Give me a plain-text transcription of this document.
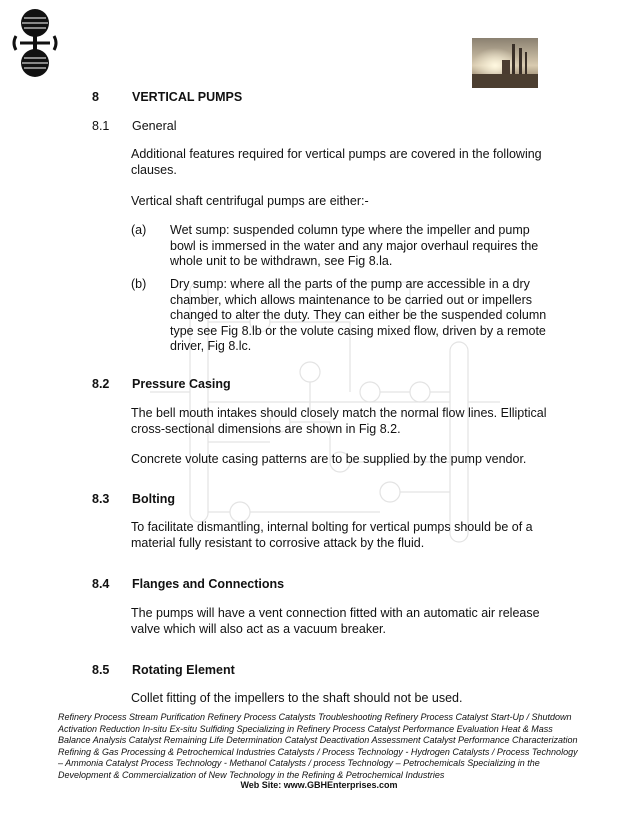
8	VERTICAL PUMPS
8.1 General
Additional features required for vertical pumps are covered in the following clauses.
Vertical shaft centrifugal pumps are either:-
(a) Wet sump: suspended column type where the impeller and pump bowl is immersed in the water and any major overhaul requires the whole unit to be withdrawn, see Fig 8.la.
(b) Dry sump: where all the parts of the pump are accessible in a dry chamber, which allows maintenance to be carried out or impellers changed to alter the duty. They can either be the suspended column type see Fig 8.lb or the volute casing mixed flow, driven by a remote driver, Fig 8.lc.
8.2 Pressure Casing
The bell mouth intakes should closely match the normal flow lines. Elliptical cross-sectional dimensions are shown in Fig 8.2.
Concrete volute casing patterns are to be supplied by the pump vendor.
8.3 Bolting
To facilitate dismantling, internal bolting for vertical pumps should be of a material fully resistant to corrosive attack by the fluid.
8.4 Flanges and Connections
The pumps will have a vent connection fitted with an automatic air release valve which will also act as a vacuum breaker.
8.5 Rotating Element
Collet fitting of the impellers to the shaft should not be used.
Refinery Process Stream Purification Refinery Process Catalysts Troubleshooting Refinery Process Catalyst Start-Up / Shutdown Activation Reduction In-situ Ex-situ Sulfiding Specializing in Refinery Process Catalyst Performance Evaluation Heat & Mass Balance Analysis Catalyst Remaining Life Determination Catalyst Deactivation Assessment Catalyst Performance Characterization Refining & Gas Processing & Petrochemical Industries Catalysts / Process Technology - Hydrogen Catalysts / Process Technology – Ammonia Catalyst Process Technology - Methanol Catalysts / process Technology – Petrochemicals Specializing in the Development & Commercialization of New Technology in the Refining & Petrochemical Industries
Web Site: www.GBHEnterprises.com
